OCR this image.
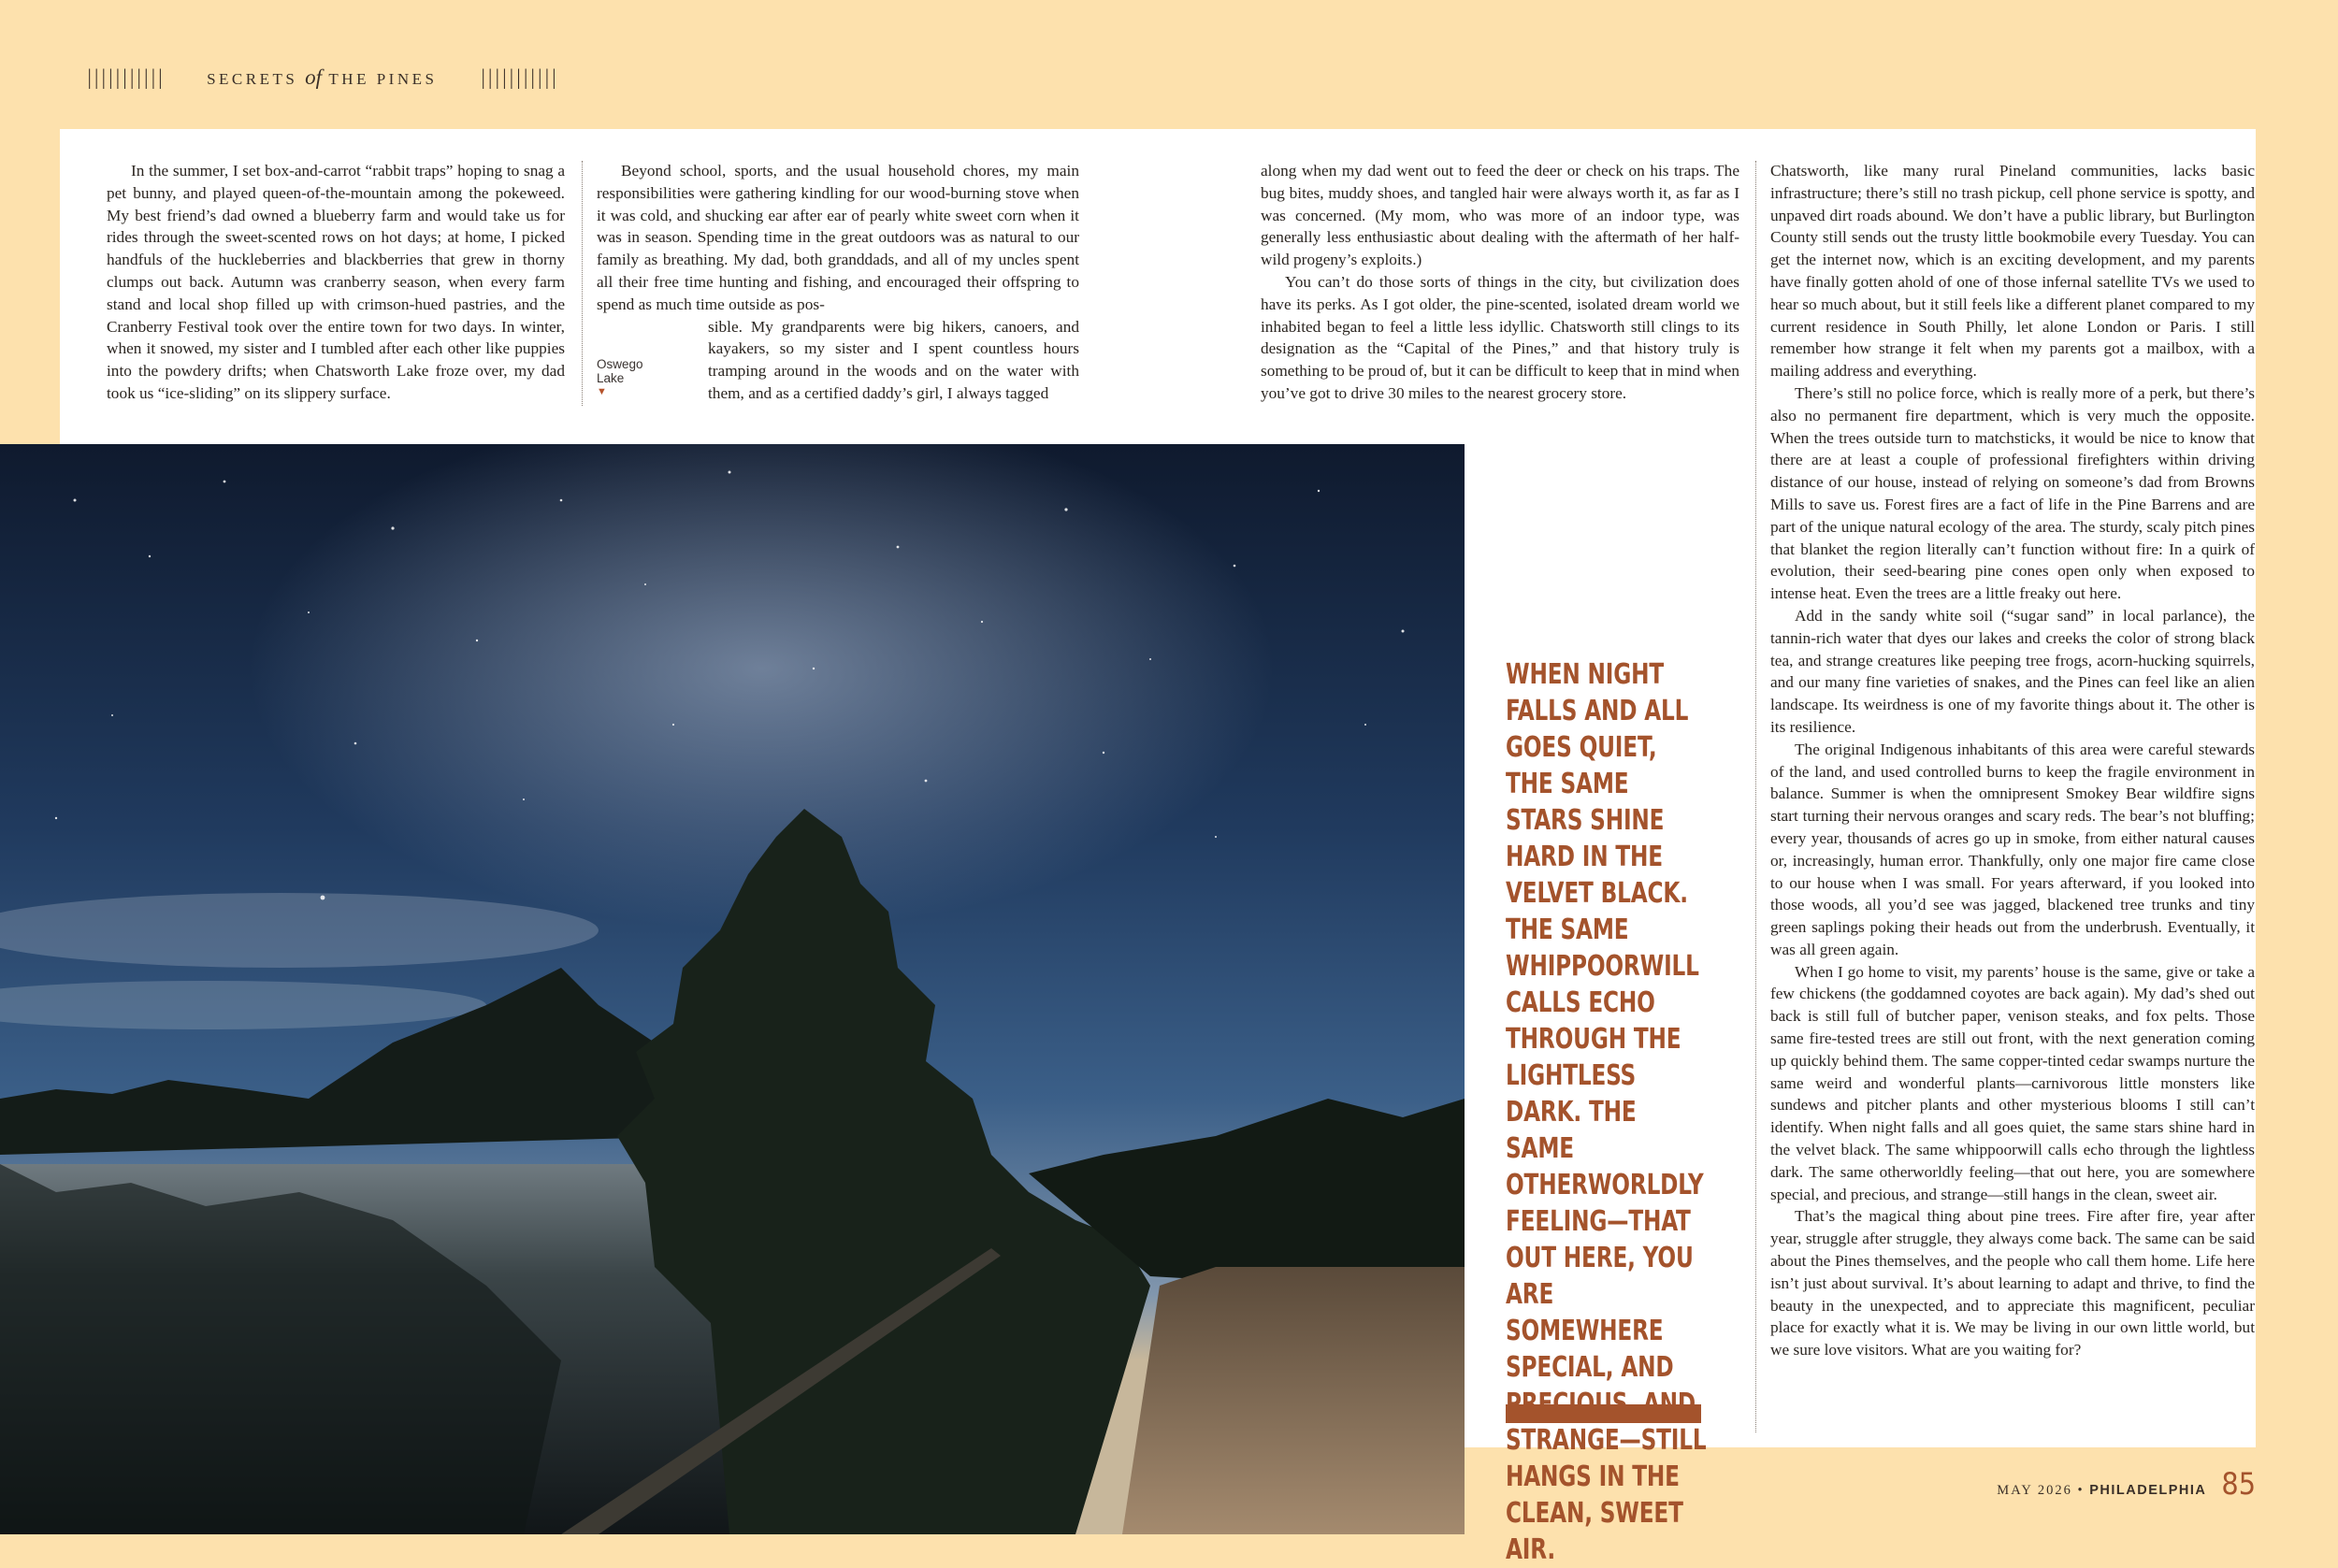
|||||||||||	SECRETS of THE PINES |||||||||||

In the summer, I set box-and-carrot “rabbit traps” hoping to snag a pet bunny, and played queen-of-the-mountain among the pokeweed. My best friend’s dad owned a blueberry farm and would take us for rides through the sweet-scented rows on hot days; at home, I picked handfuls of the huckleberries and blackberries that grew in thorny clumps out back. Autumn was cranberry season, when every farm stand and local shop filled up with crimson-hued pastries, and the Cranberry Festival took over the entire town for two days. In winter, when it snowed, my sister and I tumbled after each other like puppies into the powdery drifts; when Chatsworth Lake froze over, my dad took us “ice-sliding” on its slippery surface.

Beyond school, sports, and the usual household chores, my main responsibilities were gathering kindling for our wood-burning stove when it was cold, and shucking ear after ear of pearly white sweet corn when it was in season. Spending time in the great outdoors was as natural to our family as breathing. My dad, both granddads, and all of my uncles spent all their free time hunting and fishing, and encouraged their offspring to spend as much time outside as pos-

sible. My grandparents were big hikers, canoers, and kayakers, so my sister and I spent countless hours tramping around in the woods and on the water with them, and as a certified daddy’s girl, I always tagged

Oswego
Lake
▼

along when my dad went out to feed the deer or check on his traps. The bug bites, muddy shoes, and tangled hair were always worth it, as far as I was concerned. (My mom, who was more of an indoor type, was generally less enthusiastic about dealing with the aftermath of her half-wild progeny’s exploits.)

You can’t do those sorts of things in the city, but civilization does have its perks. As I got older, the pine-scented, isolated dream world we inhabited began to feel a little less idyllic. Chatsworth still clings to its designation as the “Capital of the Pines,” and that history truly is something to be proud of, but it can be difficult to keep that in mind when you’ve got to drive 30 miles to the nearest grocery store.

Chatsworth, like many rural Pineland communities, lacks basic infrastructure; there’s still no trash pickup, cell phone service is spotty, and unpaved dirt roads abound. We don’t have a public library, but Burlington County still sends out the trusty little bookmobile every Tuesday. You can get the internet now, which is an exciting development, and my parents have finally gotten ahold of one of those infernal satellite TVs we used to hear so much about, but it still feels like a different planet compared to my current residence in South Philly, let alone London or Paris. I still remember how strange it felt when my parents got a mailbox, with a mailing address and everything.

There’s still no police force, which is really more of a perk, but there’s also no permanent fire department, which is very much the opposite. When the trees outside turn to matchsticks, it would be nice to know that there are at least a couple of professional firefighters within driving distance of our house, instead of relying on someone’s dad from Browns Mills to save us. Forest fires are a fact of life in the Pine Barrens and are part of the unique natural ecology of the area. The sturdy, scaly pitch pines that blanket the region literally can’t function without fire: In a quirk of evolution, their seed-bearing pine cones open only when exposed to intense heat. Even the trees are a little freaky out here.

Add in the sandy white soil (“sugar sand” in local parlance), the tannin-rich water that dyes our lakes and creeks the color of strong black tea, and strange creatures like peeping tree frogs, acorn-hucking squirrels, and our many fine varieties of snakes, and the Pines can feel like an alien landscape. Its weirdness is one of my favorite things about it. The other is its resilience.

The original Indigenous inhabitants of this area were careful stewards of the land, and used controlled burns to keep the fragile environment in balance. Summer is when the omnipresent Smokey Bear wildfire signs start turning their nervous oranges and scary reds. The bear’s not bluffing; every year, thousands of acres go up in smoke, from either natural causes or, increasingly, human error. Thankfully, only one major fire came close to our house when I was small. For years afterward, if you looked into those woods, all you’d see was jagged, blackened tree trunks and tiny green saplings poking their heads out from the underbrush. Eventually, it was all green again.

When I go home to visit, my parents’ house is the same, give or take a few chickens (the goddamned coyotes are back again). My dad’s shed out back is still full of butcher paper, venison steaks, and fox pelts. Those same fire-tested trees are still out front, with the next generation coming up quickly behind them. The same copper-tinted cedar swamps nurture the same weird and wonderful plants—carnivorous little monsters like sundews and pitcher plants and other mysterious blooms I still can’t identify. When night falls and all goes quiet, the same stars shine hard in the velvet black. The same whippoorwill calls echo through the lightless dark. The same otherworldly feeling—that out here, you are somewhere special, and precious, and strange—still hangs in the clean, sweet air.

That’s the magical thing about pine trees. Fire after fire, year after year, struggle after struggle, they always come back. The same can be said about the Pines themselves, and the people who call them home. Life here isn’t just about survival. It’s about learning to adapt and thrive, to find the beauty in the unexpected, and to appreciate this magnificent, peculiar place for exactly what it is. We may be living in our own little world, but we sure love visitors. What are you waiting for?

WHEN NIGHT FALLS AND ALL GOES QUIET, THE SAME STARS SHINE HARD IN THE VELVET BLACK. THE SAME WHIPPOORWILL CALLS ECHO THROUGH THE LIGHTLESS DARK. THE SAME OTHERWORLDLY FEELING—THAT OUT HERE, YOU ARE SOMEWHERE SPECIAL, AND STRANGE—STILL HANGS IN THE CLEAN, SWEET AIR.
MAY 2026 • PHILADELPHIA 85
